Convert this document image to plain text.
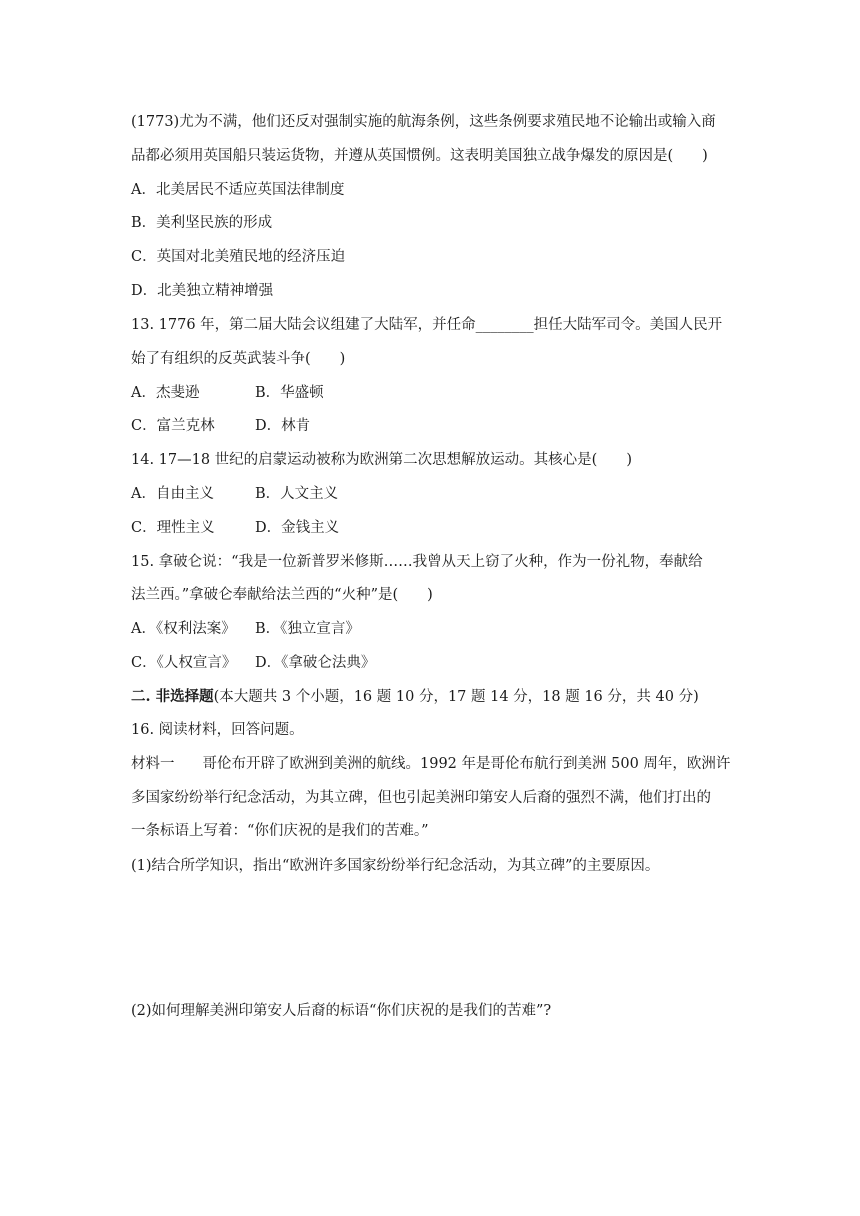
(1773)尤为不满，他们还反对强制实施的航海条例，这些条例要求殖民地不论输出或输入商
品都必须用英国船只装运货物，并遵从英国惯例。这表明美国独立战争爆发的原因是(　　)
A．北美居民不适应英国法律制度
B．美利坚民族的形成
C．英国对北美殖民地的经济压迫
D．北美独立精神增强
13. 1776 年，第二届大陆会议组建了大陆军，并任命________担任大陆军司令。美国人民开
始了有组织的反英武装斗争(　　)
A．杰斐逊	B．华盛顿
C．富兰克林	D．林肯
14. 17—18 世纪的启蒙运动被称为欧洲第二次思想解放运动。其核心是(　　)
A．自由主义	B．人文主义
C．理性主义	D．金钱主义
15. 拿破仑说：“我是一位新普罗米修斯……我曾从天上窃了火种，作为一份礼物，奉献给
法兰西。”拿破仑奉献给法兰西的“火种”是(　　)
A．《权利法案》 B．《独立宣言》
C．《人权宣言》 D．《拿破仑法典》
二. 非选择题(本大题共 3 个小题，16 题 10 分，17 题 14 分，18 题 16 分，共 40 分)
16. 阅读材料，回答问题。
材料一 哥伦布开辟了欧洲到美洲的航线。1992 年是哥伦布航行到美洲 500 周年，欧洲许
多国家纷纷举行纪念活动，为其立碑，但也引起美洲印第安人后裔的强烈不满，他们打出的
一条标语上写着：“你们庆祝的是我们的苦难。”
(1)结合所学知识，指出“欧洲许多国家纷纷举行纪念活动，为其立碑”的主要原因。
(2)如何理解美洲印第安人后裔的标语“你们庆祝的是我们的苦难”?
